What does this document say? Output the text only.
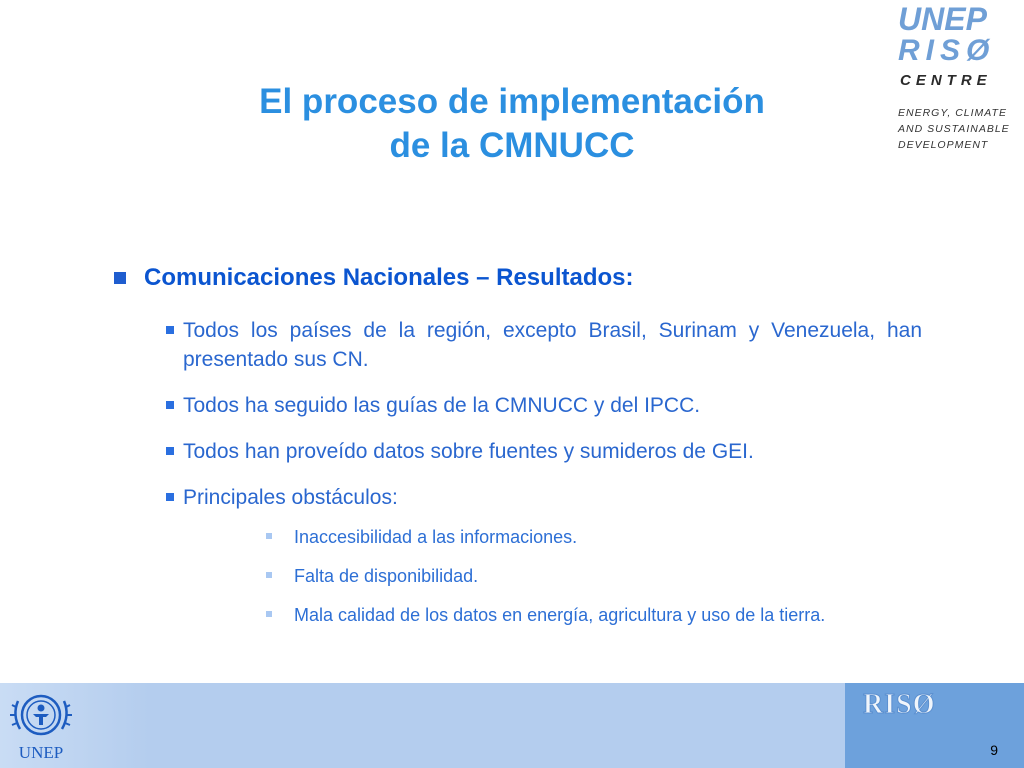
El proceso de implementación
de la CMNUCC
UNEP
RISØ
CENTRE
ENERGY, CLIMATE
AND SUSTAINABLE
DEVELOPMENT
Comunicaciones Nacionales – Resultados:
Todos los países de la región, excepto Brasil, Surinam y Venezuela, han presentado sus CN.
Todos ha seguido las guías de la CMNUCC y del IPCC.
Todos han proveído datos sobre fuentes y sumideros de GEI.
Principales obstáculos:
Inaccesibilidad a las informaciones.
Falta de disponibilidad.
Mala calidad de los datos en energía, agricultura y uso de la tierra.
UNEP
RISØ
9
